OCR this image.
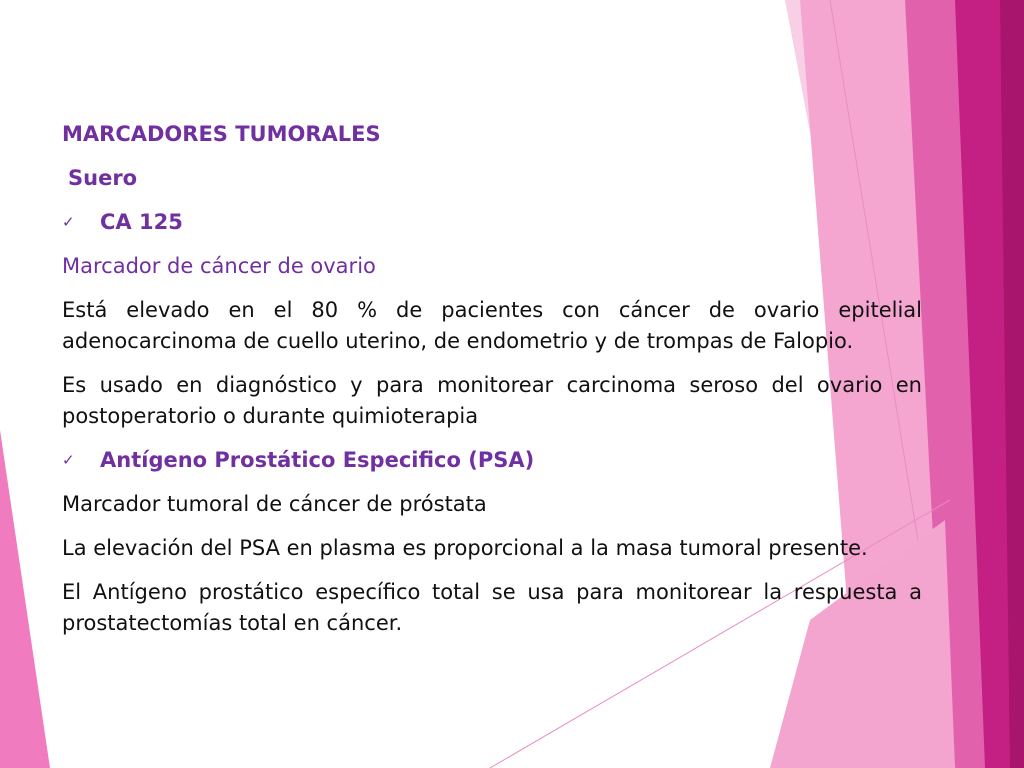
MARCADORES TUMORALES

Suero

✓	CA 125

Marcador de cáncer de ovario

Está elevado en el 80 % de pacientes con cáncer de ovario epitelial adenocarcinoma de cuello uterino, de endometrio y de trompas de Falopio.

Es usado en diagnóstico y para monitorear carcinoma seroso del ovario en postoperatorio o durante quimioterapia

✓	Antígeno Prostático Especifico (PSA)

Marcador tumoral de cáncer de próstata

La elevación del PSA en plasma es proporcional a la masa tumoral presente.

El Antígeno prostático específico total se usa para monitorear la respuesta a prostatectomías total en cáncer.
